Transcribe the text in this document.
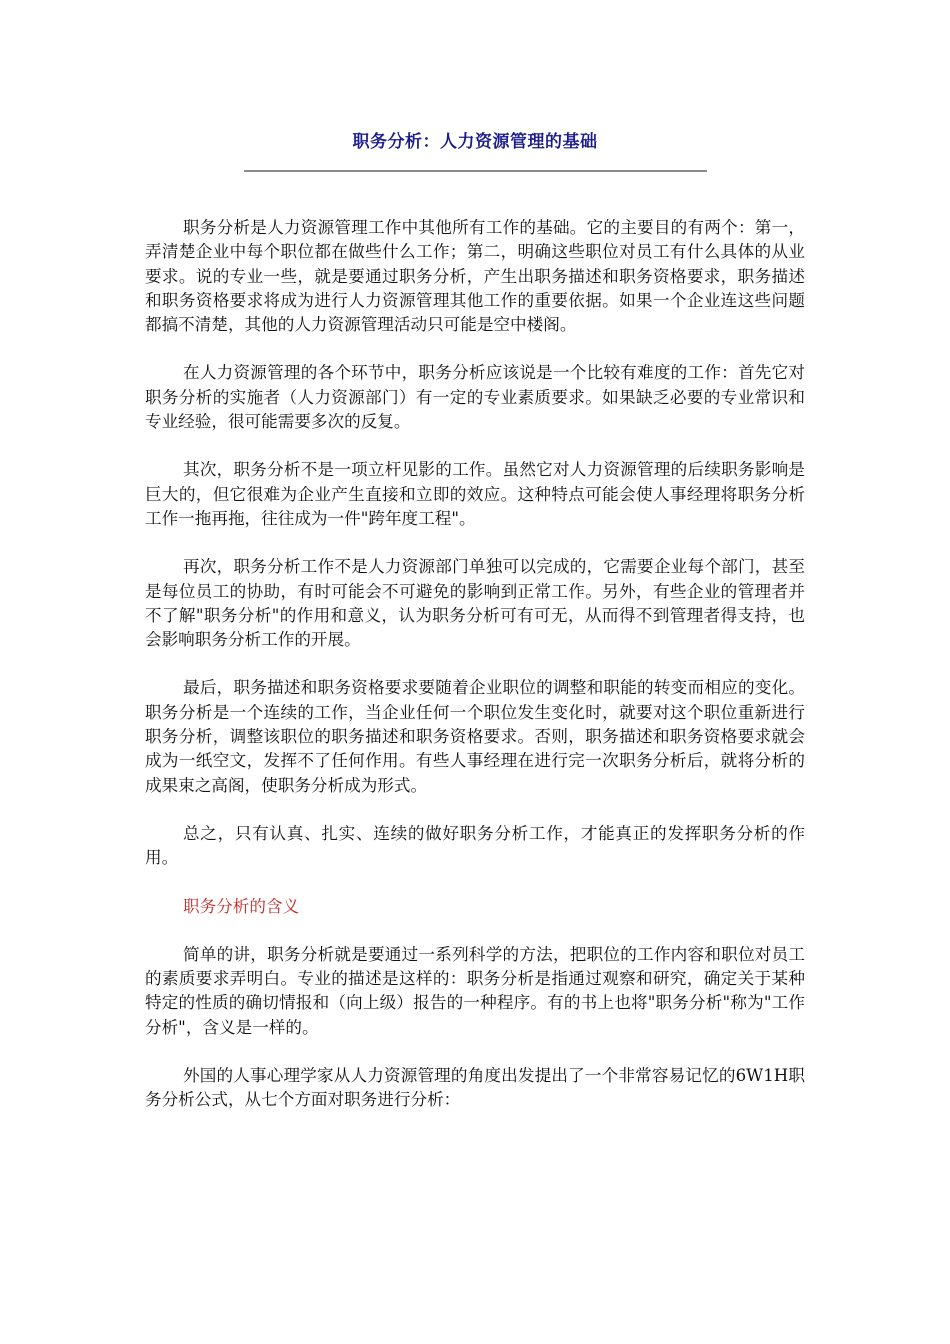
职务分析：人力资源管理的基础

职务分析是人力资源管理工作中其他所有工作的基础。它的主要目的有两个：第一，弄清楚企业中每个职位都在做些什么工作；第二，明确这些职位对员工有什么具体的从业要求。说的专业一些，就是要通过职务分析，产生出职务描述和职务资格要求，职务描述和职务资格要求将成为进行人力资源管理其他工作的重要依据。如果一个企业连这些问题都搞不清楚，其他的人力资源管理活动只可能是空中楼阁。

在人力资源管理的各个环节中，职务分析应该说是一个比较有难度的工作：首先它对职务分析的实施者（人力资源部门）有一定的专业素质要求。如果缺乏必要的专业常识和专业经验，很可能需要多次的反复。

其次，职务分析不是一项立杆见影的工作。虽然它对人力资源管理的后续职务影响是巨大的，但它很难为企业产生直接和立即的效应。这种特点可能会使人事经理将职务分析工作一拖再拖，往往成为一件"跨年度工程"。

再次，职务分析工作不是人力资源部门单独可以完成的，它需要企业每个部门，甚至是每位员工的协助，有时可能会不可避免的影响到正常工作。另外，有些企业的管理者并不了解"职务分析"的作用和意义，认为职务分析可有可无，从而得不到管理者得支持，也会影响职务分析工作的开展。

最后，职务描述和职务资格要求要随着企业职位的调整和职能的转变而相应的变化。职务分析是一个连续的工作，当企业任何一个职位发生变化时，就要对这个职位重新进行职务分析，调整该职位的职务描述和职务资格要求。否则，职务描述和职务资格要求就会成为一纸空文，发挥不了任何作用。有些人事经理在进行完一次职务分析后，就将分析的成果束之高阁，使职务分析成为形式。

总之，只有认真、扎实、连续的做好职务分析工作，才能真正的发挥职务分析的作用。

职务分析的含义

简单的讲，职务分析就是要通过一系列科学的方法，把职位的工作内容和职位对员工的素质要求弄明白。专业的描述是这样的：职务分析是指通过观察和研究，确定关于某种特定的性质的确切情报和（向上级）报告的一种程序。有的书上也将"职务分析"称为"工作分析"，含义是一样的。

外国的人事心理学家从人力资源管理的角度出发提出了一个非常容易记忆的6W1H职务分析公式，从七个方面对职务进行分析：
